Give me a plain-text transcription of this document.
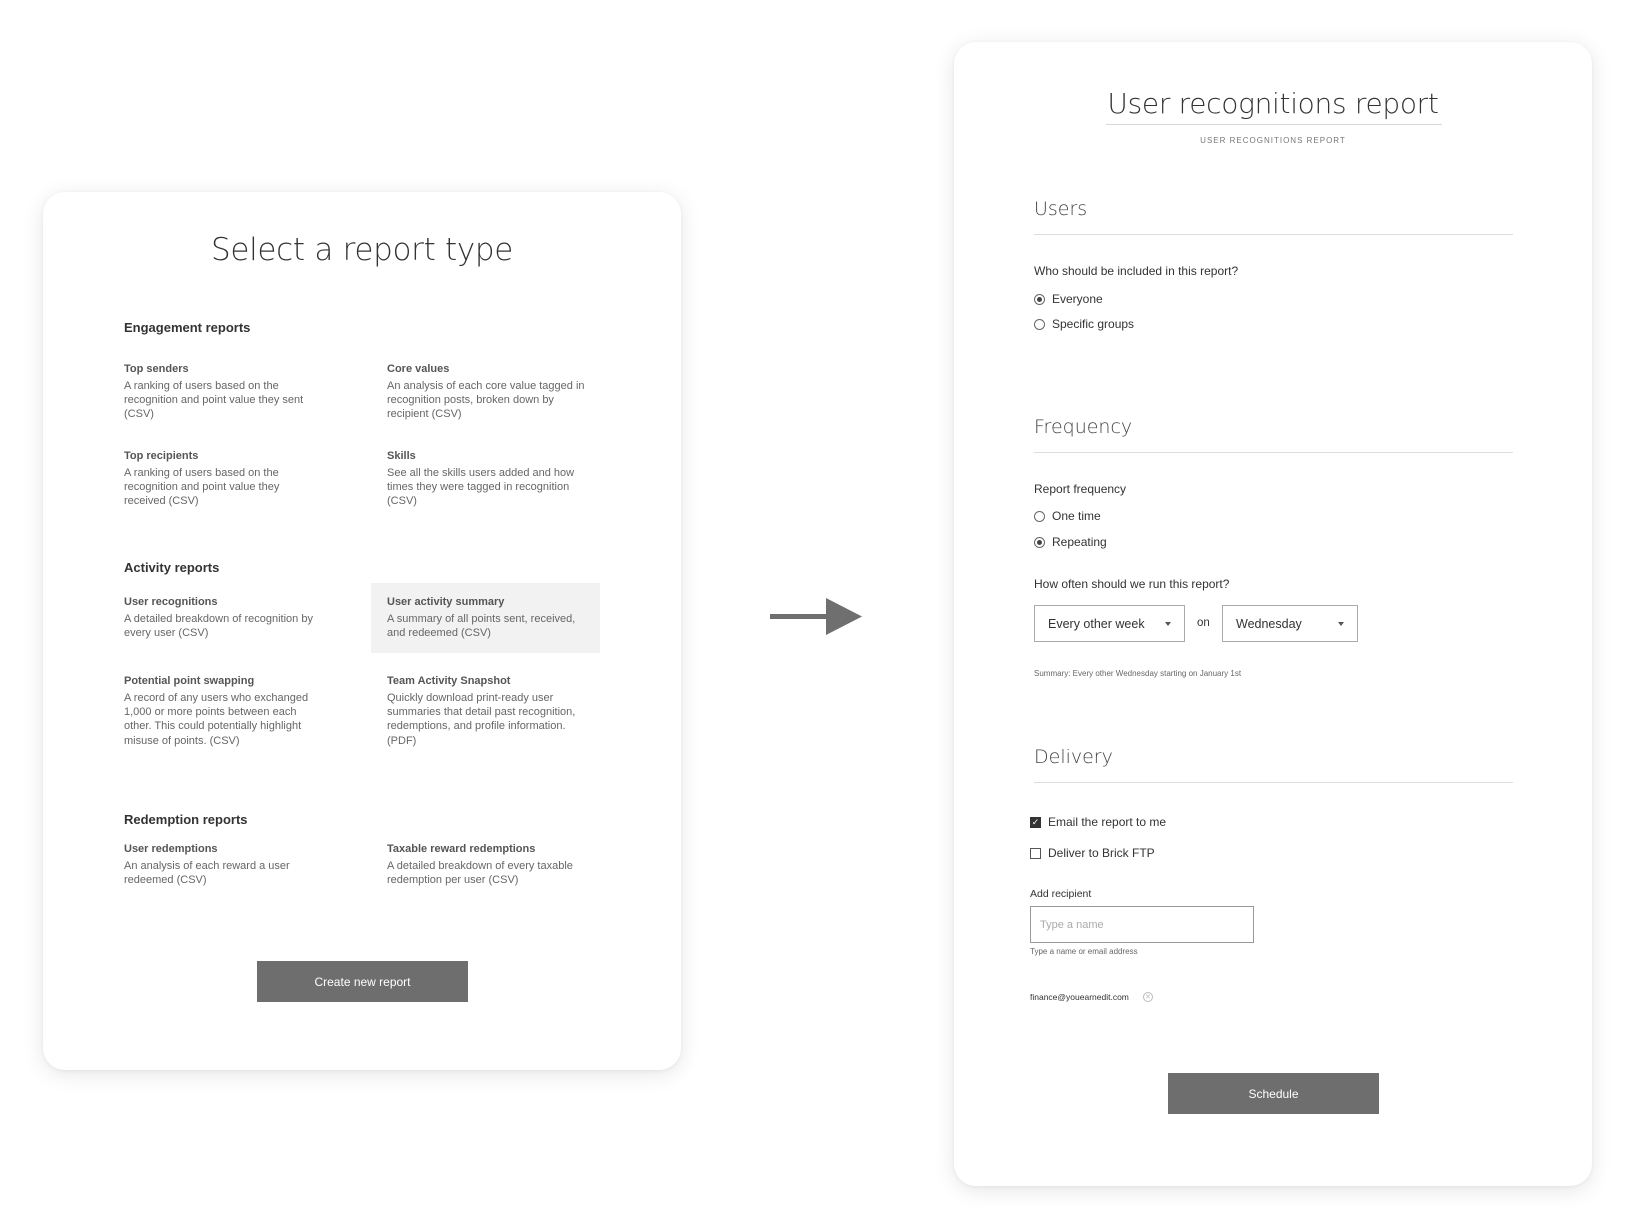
Select a report type
Engagement reports
Top senders
A ranking of users based on the recognition and point value they sent (CSV)
Core values
An analysis of each core value tagged in recognition posts, broken down by recipient (CSV)
Top recipients
A ranking of users based on the recognition and point value they received (CSV)
Skills
See all the skills users added and how times they were tagged in recognition (CSV)
Activity reports
User recognitions
A detailed breakdown of recognition by every user (CSV)
User activity summary
A summary of all points sent, received, and redeemed (CSV)
Potential point swapping
A record of any users who exchanged 1,000 or more points between each other. This could potentially highlight misuse of points. (CSV)
Team Activity Snapshot
Quickly download print-ready user summaries that detail past recognition, redemptions, and profile information. (PDF)
Redemption reports
User redemptions
An analysis of each reward a user redeemed (CSV)
Taxable reward redemptions
A detailed breakdown of every taxable redemption per user (CSV)
Create new report
User recognitions report
USER RECOGNITIONS REPORT
Users
Who should be included in this report?
Everyone
Specific groups
Frequency
Report frequency
One time
Repeating
How often should we run this report?
Every other week	on Wednesday
Summary: Every other Wednesday starting on January 1st
Delivery
✓ Email the report to me
Deliver to Brick FTP
Add recipient
Type a name
Type a name or email address
finance@youearnedit.com ✕
Schedule
